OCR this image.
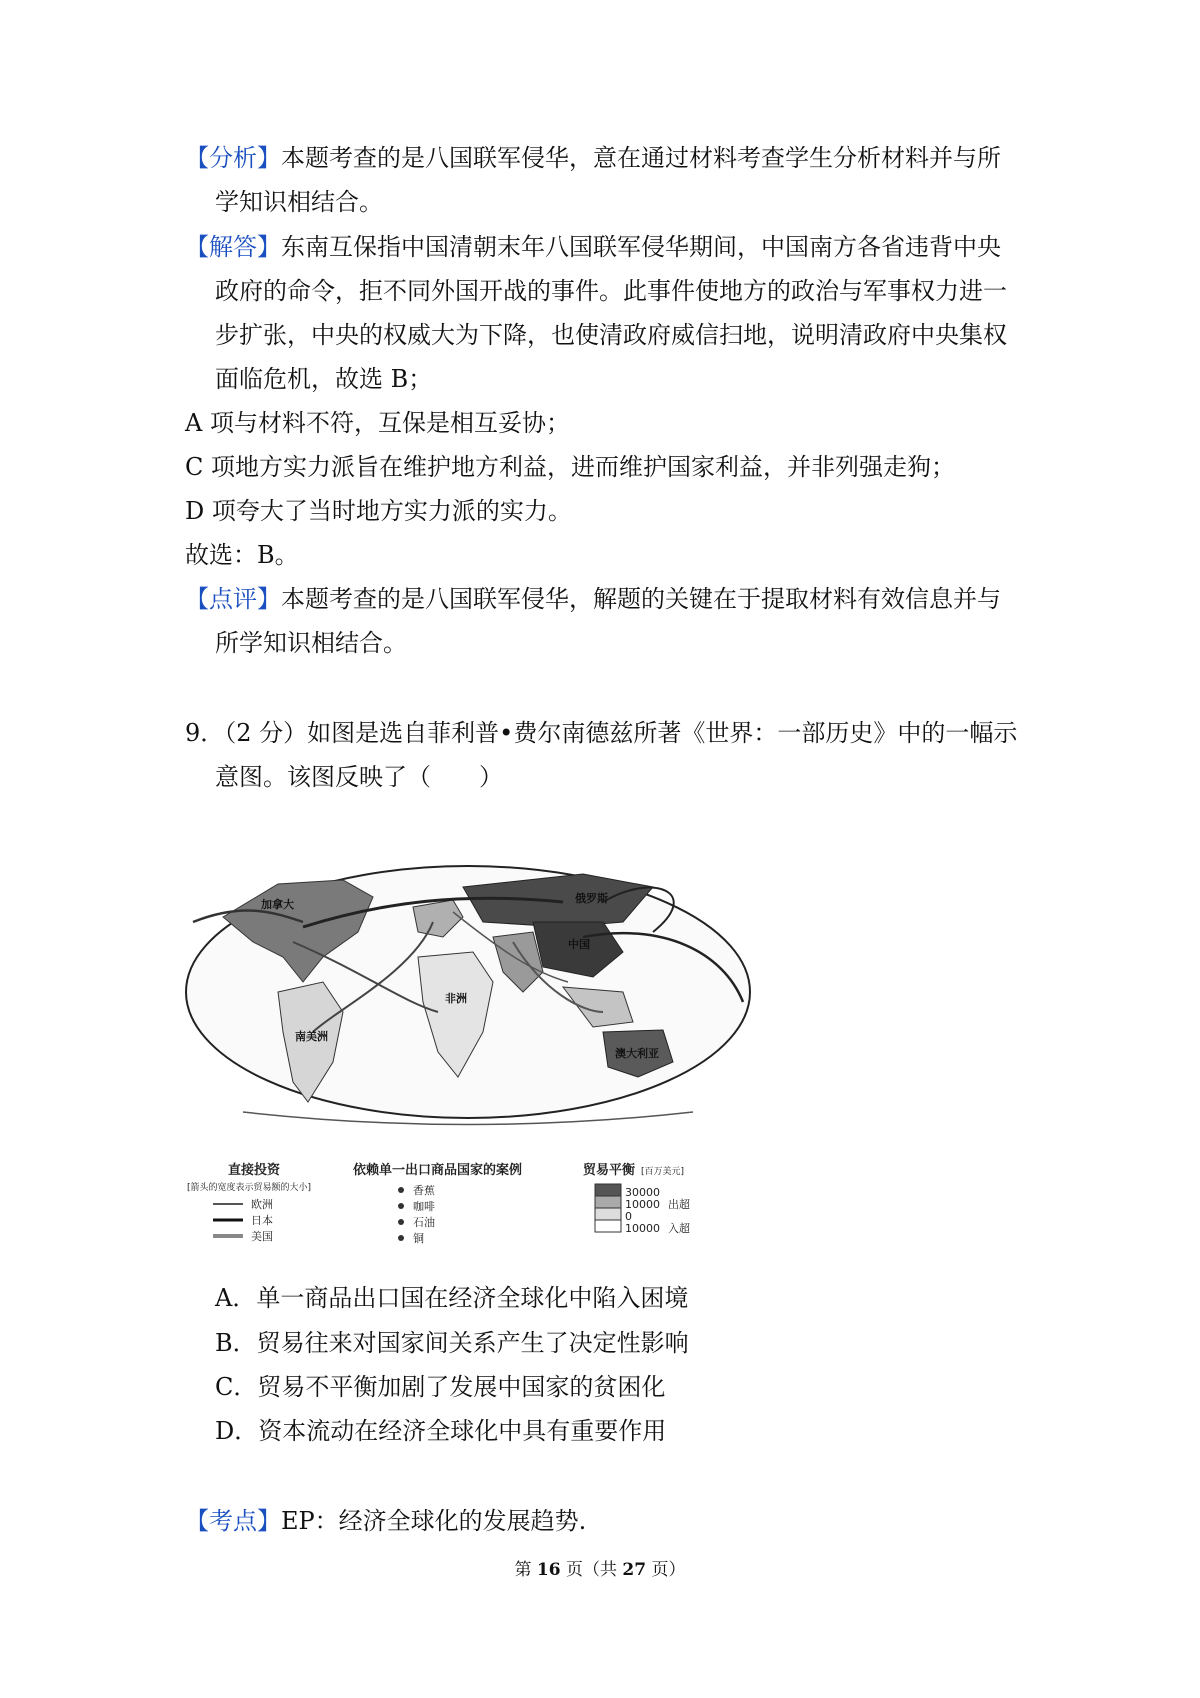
【分析】本题考查的是八国联军侵华，意在通过材料考查学生分析材料并与所
学知识相结合。
【解答】东南互保指中国清朝末年八国联军侵华期间，中国南方各省违背中央
政府的命令，拒不同外国开战的事件。此事件使地方的政治与军事权力进一
步扩张，中央的权威大为下降，也使清政府威信扫地，说明清政府中央集权
面临危机，故选 B；
A 项与材料不符，互保是相互妥协；
C 项地方实力派旨在维护地方利益，进而维护国家利益，并非列强走狗；
D 项夸大了当时地方实力派的实力。
故选：B。
【点评】本题考查的是八国联军侵华，解题的关键在于提取材料有效信息并与
所学知识相结合。
9．（2 分）如图是选自菲利普•费尔南德兹所著《世界：一部历史》中的一幅示
意图。该图反映了（　　）
加拿大	俄罗斯
中国
南美洲
非洲
澳大利亚
直接投资
[箭头的宽度表示贸易额的大小]
欧洲
日本
美国
依赖单一出口商品国家的案例
香蕉
咖啡
石油
铜
贸易平衡 [百万美元]
30000
10000
0
10000
出超
入超
A．单一商品出口国在经济全球化中陷入困境
B．贸易往来对国家间关系产生了决定性影响
C．贸易不平衡加剧了发展中国家的贫困化
D．资本流动在经济全球化中具有重要作用
【考点】EP：经济全球化的发展趋势.
第 16 页（共 27 页）
